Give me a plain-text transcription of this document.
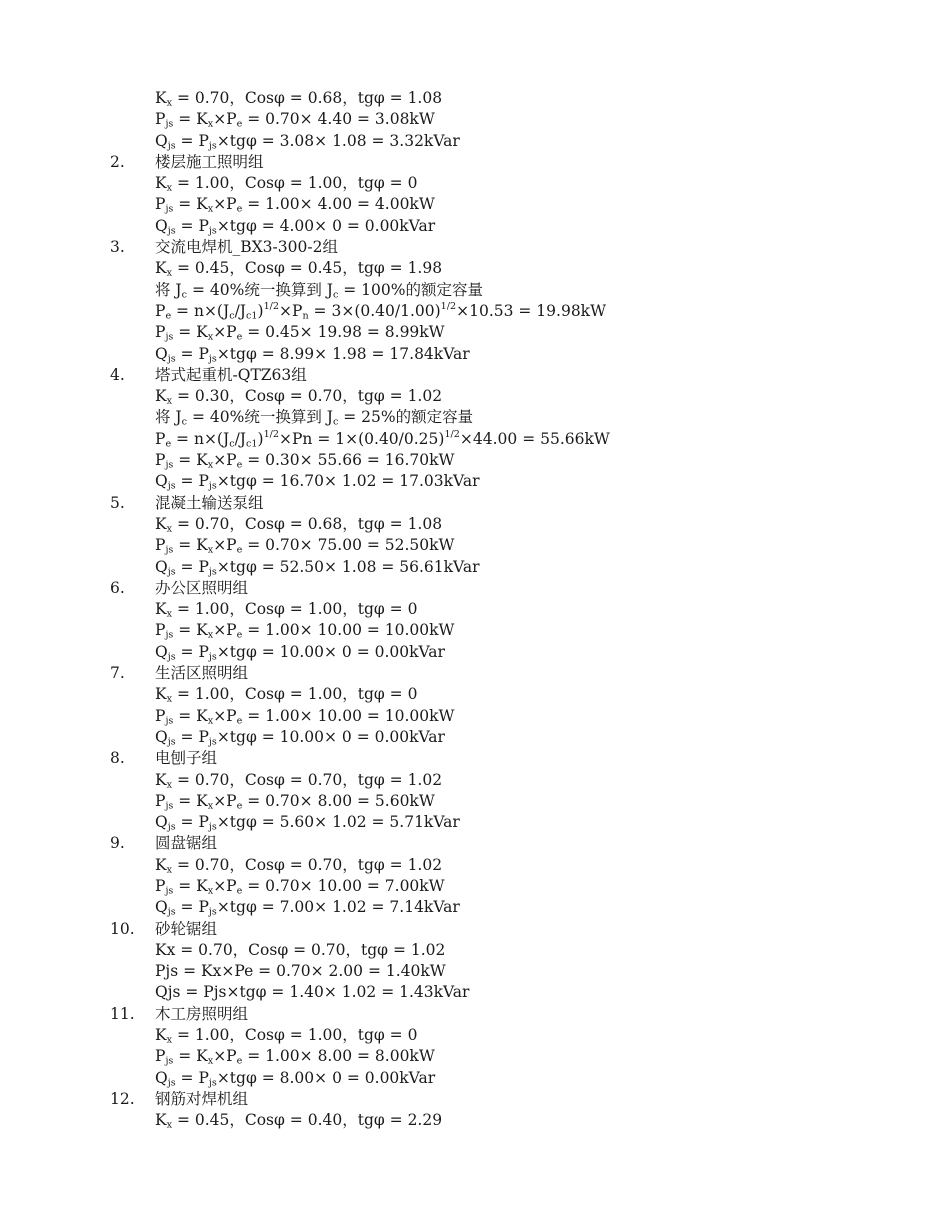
$K_x = 0.70$，Cosφ = 0.68，tgφ = 1.08
$P_{js} = K_x\times P_e = 0.70\times 4.40 = 3.08kW$
$Q_{js} = P_{js}\times tg\varphi = 3.08\times 1.08$ = 3.32kVar
2.	楼层施工照明组
$K_x = 1.00$，Cosφ = 1.00，tgφ = 0
$P_{js} = K_x\times P_e = 1.00\times 4.00 = 4.00kW$
$Q_{js} = P_{js}\times tg\varphi = 4.00\times 0$ = 0.00kVar
3.	交流电焊机_BX3-300-2组
$K_x = 0.45$，Cosφ = 0.45，tgφ = 1.98
将 $J_c = 40\%$统一换算到 $J_c = 100\%$的额定容量
$P_e = n\times(J_c/J_{c1})^{1/2}\times P_n = 3\times(0.40/1.00)^{1/2}\times 10.53 = 19.98kW$
$P_{js} = K_x\times P_e = 0.45\times 19.98 = 8.99kW$
$Q_{js} = P_{js}\times tg\varphi = 8.99\times 1.98$ = 17.84kVar
4.	塔式起重机-QTZ63组
$K_x = 0.30$，Cosφ = 0.70，tgφ = 1.02
将 $J_c = 40\%$统一换算到 $J_c = 25\%$的额定容量
$P_e = n\times(J_c/J_{c1})^{1/2}\times Pn = 1\times(0.40/0.25)^{1/2}\times 44.00 = 55.66kW$
$P_{js} = K_x\times P_e = 0.30\times 55.66 = 16.70kW$
$Q_{js} = P_{js}\times tg\varphi = 16.70\times 1.02$ = 17.03kVar
5.	混凝土输送泵组
$K_x = 0.70$，Cosφ = 0.68，tgφ = 1.08
$P_{js} = K_x\times P_e = 0.70\times 75.00 = 52.50kW$
$Q_{js} = P_{js}\times tg\varphi = 52.50\times 1.08$ = 56.61kVar
6.	办公区照明组
$K_x = 1.00$，Cosφ = 1.00，tgφ = 0
$P_{js} = K_x\times P_e = 1.00\times 10.00 = 10.00kW$
$Q_{js} = P_{js}\times tg\varphi = 10.00\times 0$ = 0.00kVar
7.	生活区照明组
$K_x = 1.00$，Cosφ = 1.00，tgφ = 0
$P_{js} = K_x\times P_e = 1.00\times 10.00 = 10.00kW$
$Q_{js} = P_{js}\times tg\varphi = 10.00\times 0$ = 0.00kVar
8.	电刨子组
$K_x = 0.70$，Cosφ = 0.70，tgφ = 1.02
$P_{js} = K_x\times P_e = 0.70\times 8.00 = 5.60kW$
$Q_{js} = P_{js}\times tg\varphi = 5.60\times 1.02$ = 5.71kVar
9.	圆盘锯组
$K_x = 0.70$，Cosφ = 0.70，tgφ = 1.02
$P_{js} = K_x\times P_e = 0.70\times 10.00 = 7.00kW$
$Q_{js} = P_{js}\times tg\varphi = 7.00\times 1.02$ = 7.14kVar
10.	砂轮锯组
Kx = 0.70，Cosφ = 0.70，tgφ = 1.02
Pjs = Kx×Pe = 0.70× 2.00 = 1.40kW
Qjs = Pjs×tgφ = 1.40× 1.02 = 1.43kVar
11.	木工房照明组
$K_x = 1.00$，Cosφ = 1.00，tgφ = 0
$P_{js} = K_x\times P_e = 1.00\times 8.00 = 8.00kW$
$Q_{js} = P_{js}\times tg\varphi = 8.00\times 0$ = 0.00kVar
12.	钢筋对焊机组
$K_x = 0.45$，Cosφ = 0.40，tgφ = 2.29
